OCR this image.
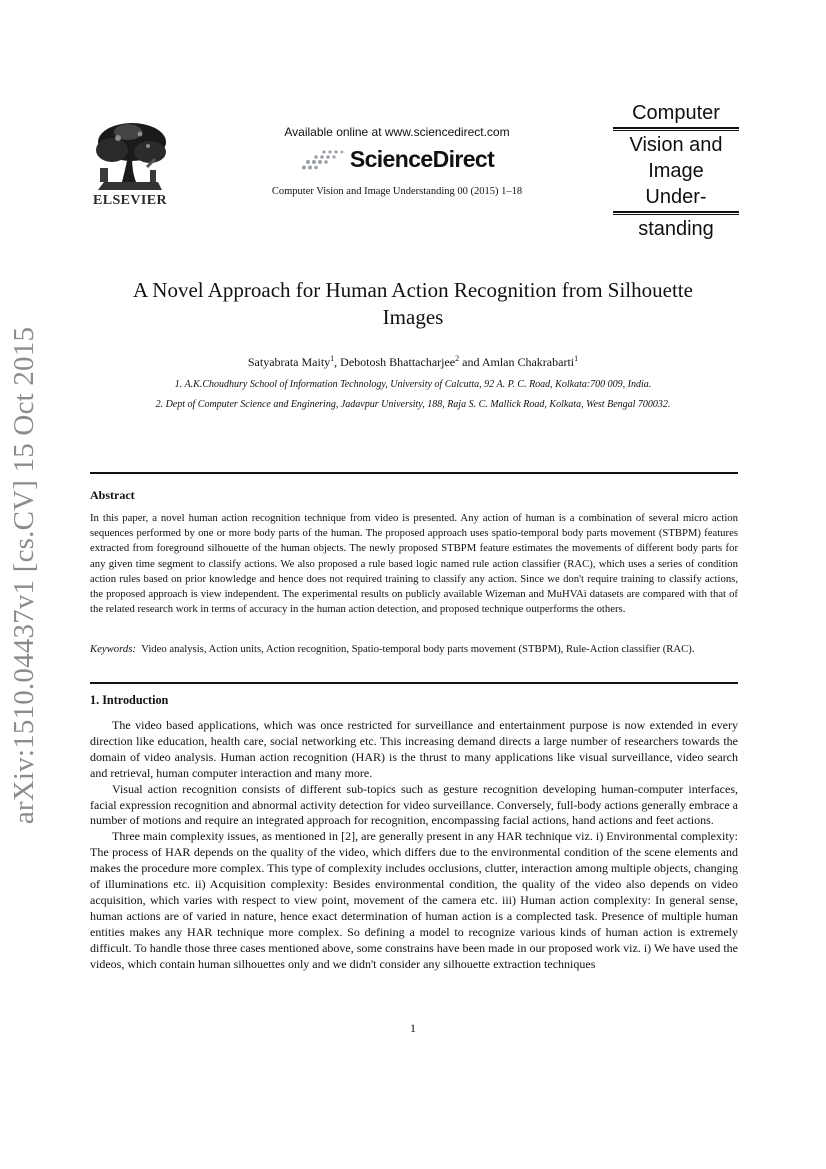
arXiv:1510.04437v1 [cs.CV] 15 Oct 2015
ELSEVIER
Available online at www.sciencedirect.com
ScienceDirect
Computer Vision and Image Understanding 00 (2015) 1–18
Computer
Vision and
Image
Under-
standing
A Novel Approach for Human Action Recognition from Silhouette
Images
Satyabrata Maity$^1$, Debotosh Bhattacharjee$^2$ and Amlan Chakrabarti$^1$
1. A.K.Choudhury School of Information Technology, University of Calcutta, 92 A. P. C. Road, Kolkata:700 009, India.
2. Dept of Computer Science and Enginering, Jadavpur University, 188, Raja S. C. Mallick Road, Kolkata, West Bengal 700032.
Abstract

In this paper, a novel human action recognition technique from video is presented. Any action of human is a combination of several micro action sequences performed by one or more body parts of the human. The proposed approach uses spatio-temporal body parts movement (STBPM) features extracted from foreground silhouette of the human objects. The newly proposed STBPM feature estimates the movements of different body parts for any given time segment to classify actions. We also proposed a rule based logic named rule action classifier (RAC), which uses a series of condition action rules based on prior knowledge and hence does not required training to classify any action. Since we don't require training to classify actions, the proposed approach is view independent. The experimental results on publicly available Wizeman and MuHVAi datasets are compared with that of the related research work in terms of accuracy in the human action detection, and proposed technique outperforms the others.

Keywords: Video analysis, Action units, Action recognition, Spatio-temporal body parts movement (STBPM), Rule-Action classifier (RAC).

1. Introduction

The video based applications, which was once restricted for surveillance and entertainment purpose is now extended in every direction like education, health care, social networking etc. This increasing demand directs a large number of researchers towards the domain of video analysis. Human action recognition (HAR) is the thrust to many applications like visual surveillance, video search and retrieval, human computer interaction and many more.

Visual action recognition consists of different sub-topics such as gesture recognition developing human-computer interfaces, facial expression recognition and abnormal activity detection for video surveillance. Conversely, full-body actions generally embrace a number of motions and require an integrated approach for recognition, encompassing facial actions, hand actions and feet actions.

Three main complexity issues, as mentioned in [2], are generally present in any HAR technique viz. i) Environmental complexity: The process of HAR depends on the quality of the video, which differs due to the environmental condition of the scene elements and makes the procedure more complex. This type of complexity includes occlusions, clutter, interaction among multiple objects, changing of illuminations etc. ii) Acquisition complexity: Besides environmental condition, the quality of the video also depends on video acquisition, which varies with respect to view point, movement of the camera etc. iii) Human action complexity: In general sense, human actions are of varied in nature, hence exact determination of human action is a complected task. Presence of multiple human entities makes any HAR technique more complex. So defining a model to recognize various kinds of human action is extremely difficult. To handle those three cases mentioned above, some constrains have been made in our proposed work viz. i) We have used the videos, which contain human silhouettes only and we didn't consider any silhouette extraction techniques

1
